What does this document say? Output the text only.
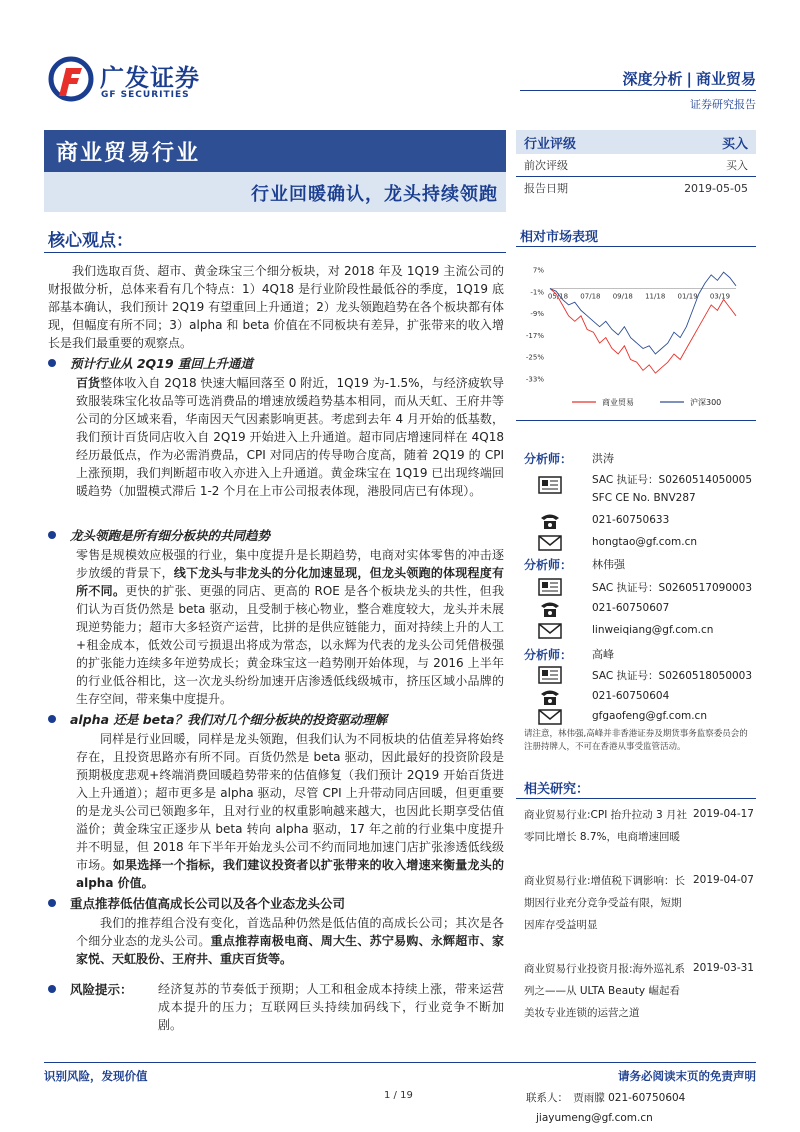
广发证券
GF SECURITIES
深度分析 | 商业贸易
证券研究报告
商业贸易行业
行业回暖确认，龙头持续领跑
行业评级	买入
前次评级	买入
报告日期	2019-05-05
核心观点：
我们选取百货、超市、黄金珠宝三个细分板块，对 2018 年及 1Q19 主流公司的财报做分析，总体来看有几个特点：1）4Q18 是行业阶段性最低谷的季度，1Q19 底部基本确认，我们预计 2Q19 有望重回上升通道；2）龙头领跑趋势在各个板块都有体现，但幅度有所不同；3）alpha 和 beta 价值在不同板块有差异，扩张带来的收入增长是我们最重要的观察点。
预计行业从 2Q19 重回上升通道
百货整体收入自 2Q18 快速大幅回落至 0 附近，1Q19 为-1.5%，与经济疲软导致服装珠宝化妆品等可选消费品的增速放缓趋势基本相同，而从天虹、王府井等公司的分区域来看，华南因天气因素影响更甚。考虑到去年 4 月开始的低基数，我们预计百货同店收入自 2Q19 开始进入上升通道。超市同店增速同样在 4Q18 经历最低点，作为必需消费品，CPI 对同店的传导吻合度高，随着 2Q19 的 CPI 上涨预期，我们判断超市收入亦进入上升通道。黄金珠宝在 1Q19 已出现终端回暖趋势（加盟模式滞后 1-2 个月在上市公司报表体现，港股同店已有体现）。
龙头领跑是所有细分板块的共同趋势
零售是规模效应极强的行业，集中度提升是长期趋势，电商对实体零售的冲击逐步放缓的背景下，线下龙头与非龙头的分化加速显现，但龙头领跑的体现程度有所不同。更快的扩张、更强的同店、更高的 ROE 是各个板块龙头的共性，但我们认为百货仍然是 beta 驱动，且受制于核心物业，整合难度较大，龙头并未展现逆势能力；超市大多轻资产运营，比拼的是供应链能力，面对持续上升的人工+租金成本，低效公司亏损退出将成为常态，以永辉为代表的龙头公司凭借极强的扩张能力连续多年逆势成长；黄金珠宝这一趋势刚开始体现，与 2016 上半年的行业低谷相比，这一次龙头纷纷加速开店渗透低线级城市，挤压区域小品牌的生存空间，带来集中度提升。
alpha 还是 beta？我们对几个细分板块的投资驱动理解
同样是行业回暖，同样是龙头领跑，但我们认为不同板块的估值差异将始终存在，且投资思路亦有所不同。百货仍然是 beta 驱动，因此最好的投资阶段是预期极度悲观+终端消费回暖趋势带来的估值修复（我们预计 2Q19 开始百货进入上升通道）；超市更多是 alpha 驱动，尽管 CPI 上升带动同店回暖，但更重要的是龙头公司已领跑多年，且对行业的权重影响越来越大，也因此长期享受估值溢价；黄金珠宝正逐步从 beta 转向 alpha 驱动，17 年之前的行业集中度提升并不明显，但 2018 年下半年开始龙头公司不约而同地加速门店扩张渗透低线级市场。如果选择一个指标，我们建议投资者以扩张带来的收入增速来衡量龙头的 alpha 价值。
重点推荐低估值高成长公司以及各个业态龙头公司
我们的推荐组合没有变化，首选品种仍然是低估值的高成长公司；其次是各个细分业态的龙头公司。重点推荐南极电商、周大生、苏宁易购、永辉超市、家家悦、天虹股份、王府井、重庆百货等。
风险提示： 经济复苏的节奏低于预期；人工和租金成本持续上涨，带来运营成本提升的压力；互联网巨头持续加码线下，行业竞争不断加剧。
相对市场表现
7%
-1%
-9%
-17%
-25%
-33%
05/18 07/18 09/18 11/18 01/19 03/19
商业贸易	沪深300
分析师： 洪涛
SAC 执证号：S0260514050005
SFC CE No. BNV287
021-60750633
hongtao@gf.com.cn
分析师： 林伟强
SAC 执证号：S0260517090003
021-60750607
linweiqiang@gf.com.cn
分析师： 高峰
SAC 执证号：S0260518050003
021-60750604
gfgaofeng@gf.com.cn
请注意，林伟强,高峰并非香港证券及期货事务监察委员会的注册持牌人，不可在香港从事受监管活动。
相关研究：
商业贸易行业:CPI 抬升拉动 3 月社零同比增长 8.7%，电商增速回暖
2019-04-17
商业贸易行业:增值税下调影响：长期因行业充分竞争受益有限，短期因库存受益明显
2019-04-07
商业贸易行业投资月报:海外巡礼系列之——从 ULTA Beauty 崛起看美妆专业连锁的运营之道
2019-03-31
识别风险，发现价值	请务必阅读末页的免责声明
1 / 19	联系人：　贾雨朦 021-60750604
jiayumeng@gf.com.cn
